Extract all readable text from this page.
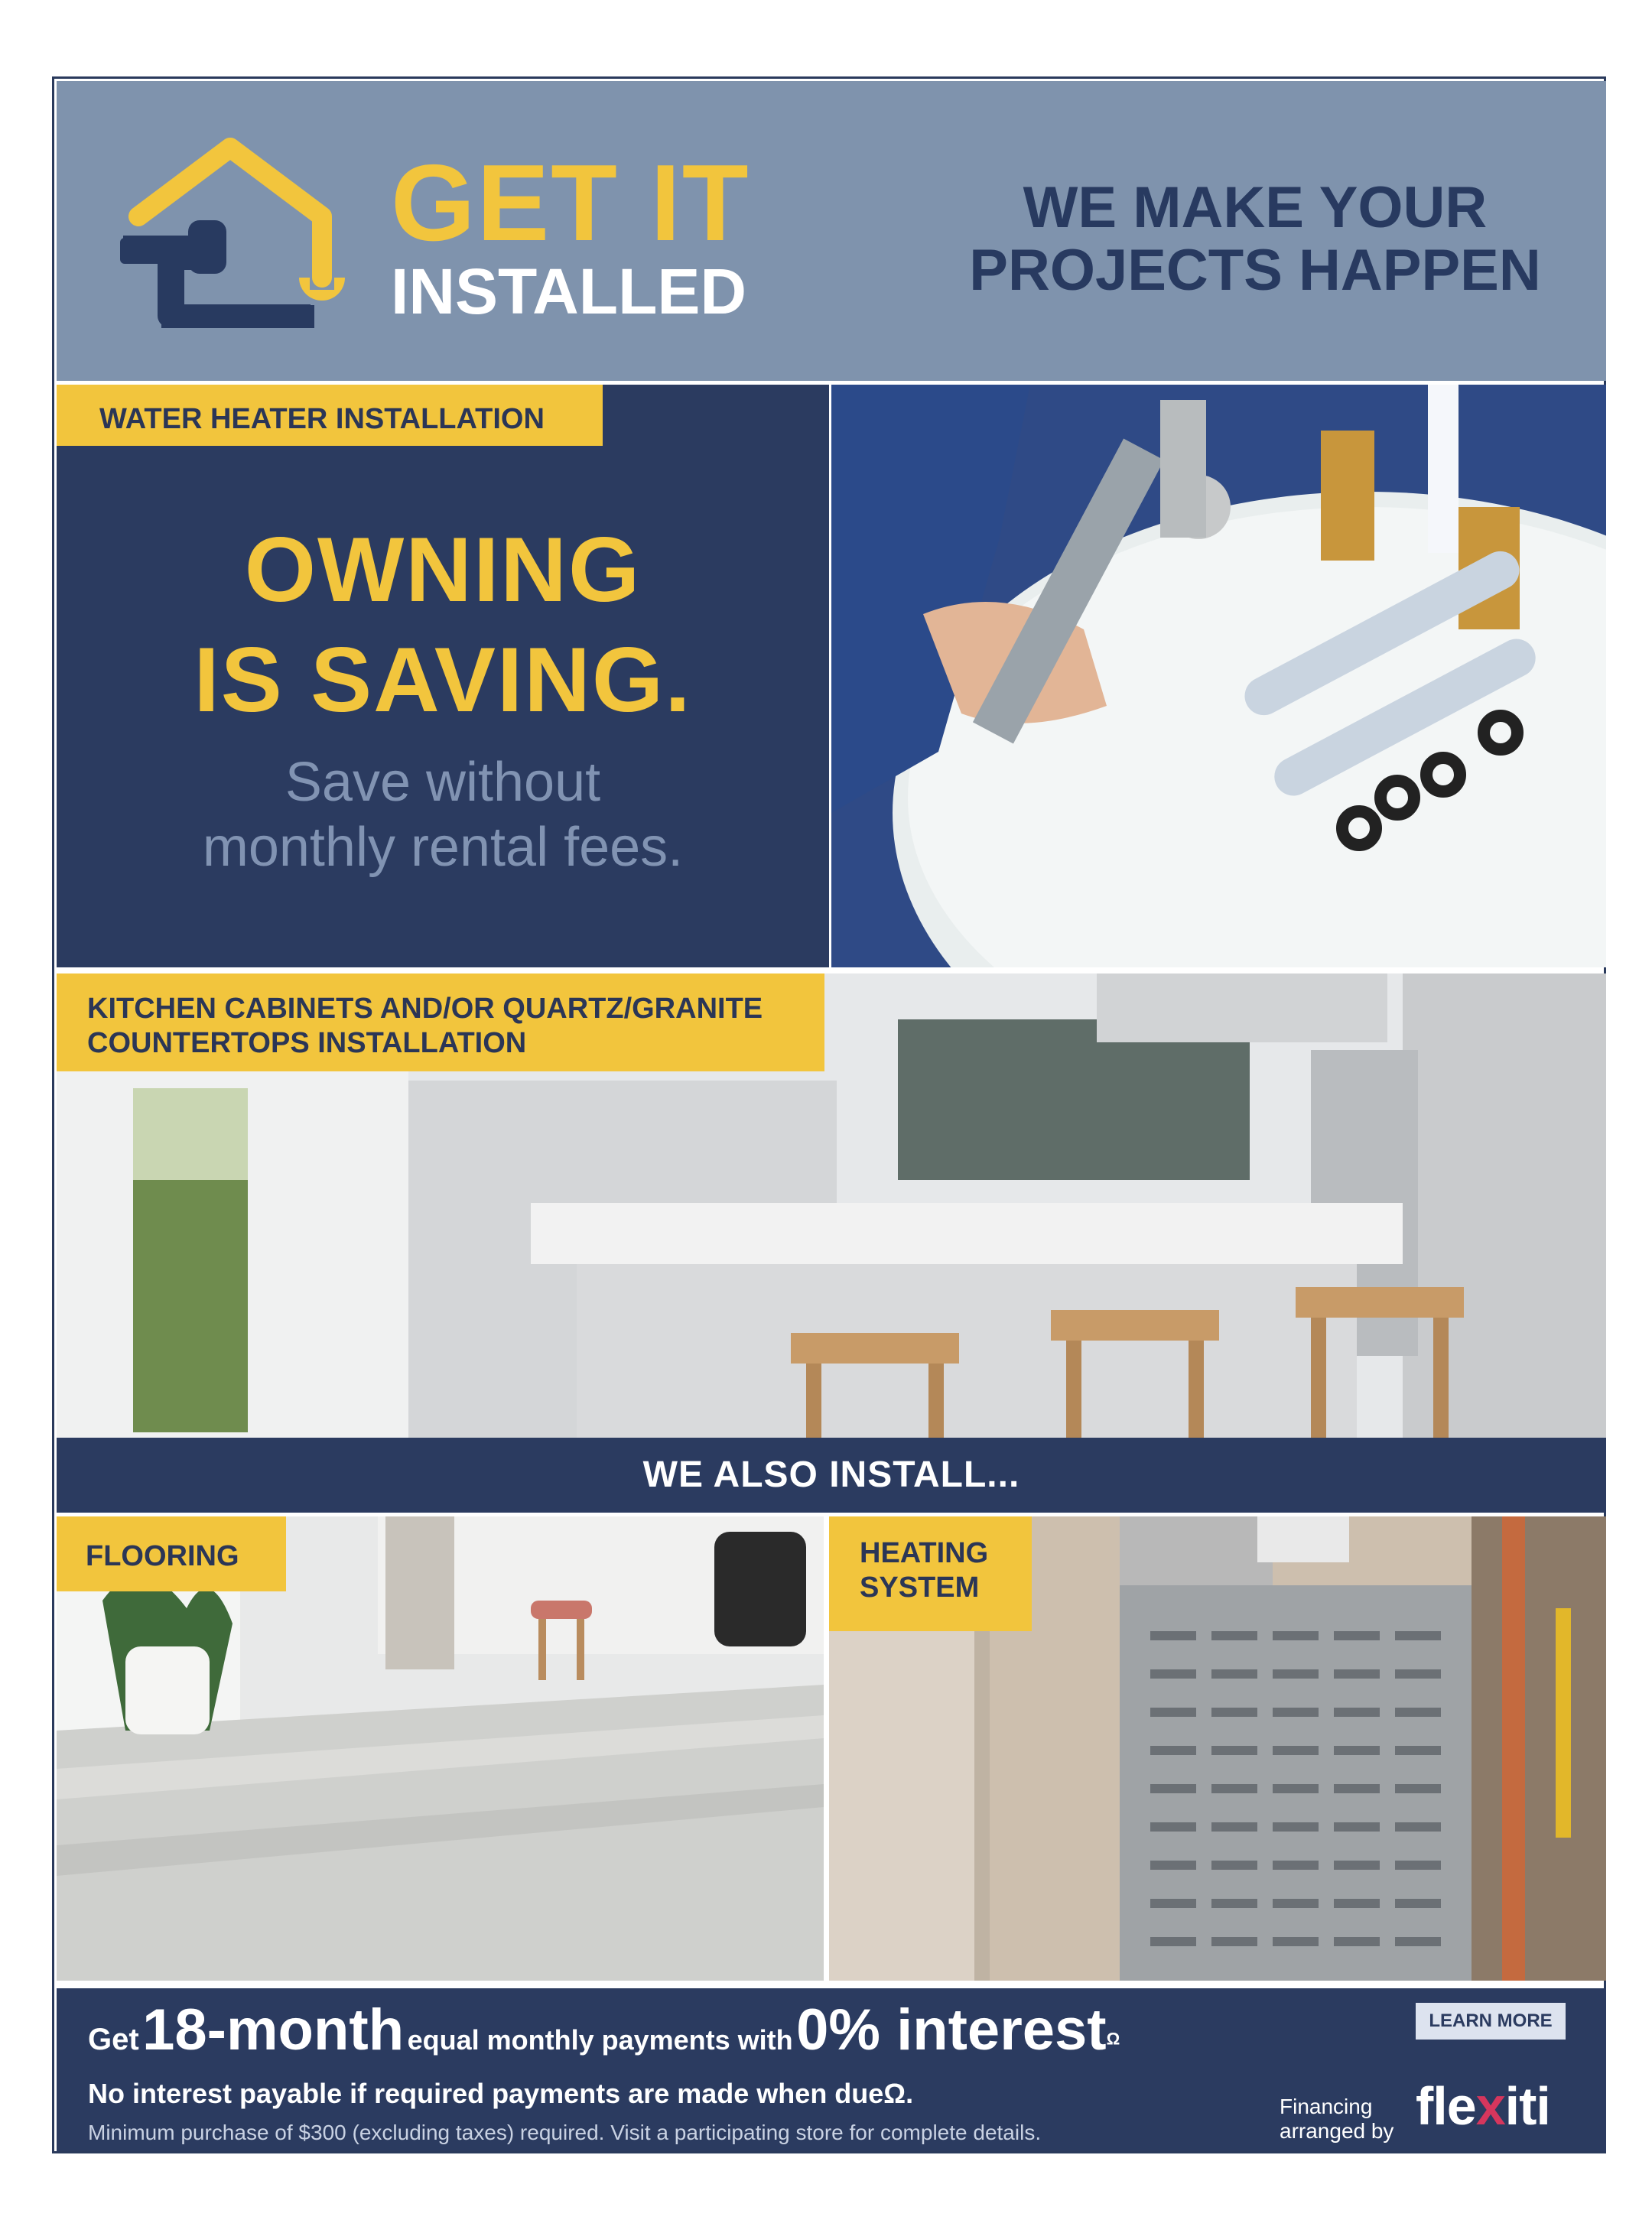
GET IT
INSTALLED
WE MAKE YOUR
PROJECTS HAPPEN
WATER HEATER INSTALLATION
OWNING
IS SAVING.
Save without
monthly rental fees.
KITCHEN CABINETS AND/OR QUARTZ/GRANITE
COUNTERTOPS INSTALLATION
WE ALSO INSTALL...
FLOORING	HEATING
SYSTEM
Get 18-month equal monthly payments with 0% interestΩ
No interest payable if required payments are made when dueΩ.
Minimum purchase of $300 (excluding taxes) required. Visit a participating store for complete details.
LEARN MORE
Financing
arranged by flexiti
